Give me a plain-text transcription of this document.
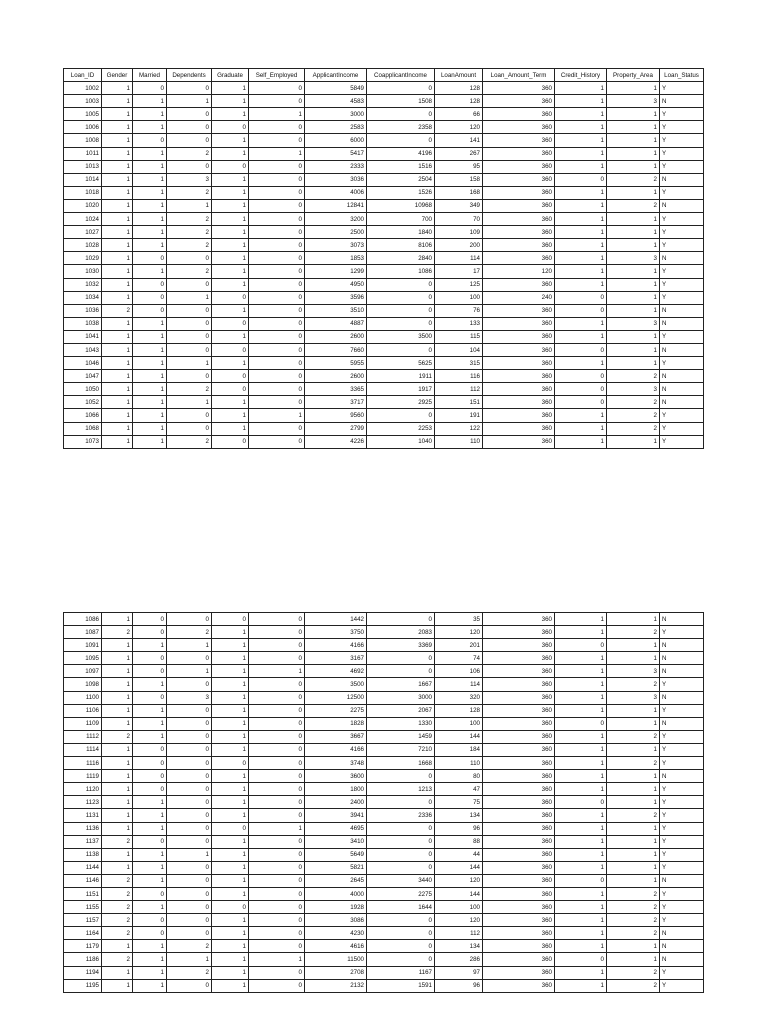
Loan_ID	Gender	Married	Dependents	Graduate	Self_Employed	ApplicantIncome	CoapplicantIncome	LoanAmount	Loan_Amount_Term	Credit_History	Property_Area	Loan_Status
1002	1	0	0	1	0	5849	0	128	360	1	1	Y
1003	1	1	1	1	0	4583	1508	128	360	1	3	N
1005	1	1	0	1	1	3000	0	66	360	1	1	Y
1006	1	1	0	0	0	2583	2358	120	360	1	1	Y
1008	1	0	0	1	0	6000	0	141	360	1	1	Y
1011	1	1	2	1	1	5417	4196	267	360	1	1	Y
1013	1	1	0	0	0	2333	1516	95	360	1	1	Y
1014	1	1	3	1	0	3036	2504	158	360	0	2	N
1018	1	1	2	1	0	4006	1526	168	360	1	1	Y
1020	1	1	1	1	0	12841	10968	349	360	1	2	N
1024	1	1	2	1	0	3200	700	70	360	1	1	Y
1027	1	1	2	1	0	2500	1840	109	360	1	1	Y
1028	1	1	2	1	0	3073	8106	200	360	1	1	Y
1029	1	0	0	1	0	1853	2840	114	360	1	3	N
1030	1	1	2	1	0	1299	1086	17	120	1	1	Y
1032	1	0	0	1	0	4950	0	125	360	1	1	Y
1034	1	0	1	0	0	3596	0	100	240	0	1	Y
1036	2	0	0	1	0	3510	0	76	360	0	1	N
1038	1	1	0	0	0	4887	0	133	360	1	3	N
1041	1	1	0	1	0	2600	3500	115	360	1	1	Y
1043	1	1	0	0	0	7660	0	104	360	0	1	N
1046	1	1	1	1	0	5955	5625	315	360	1	1	Y
1047	1	1	0	0	0	2600	1911	116	360	0	2	N
1050	1	1	2	0	0	3365	1917	112	360	0	3	N
1052	1	1	1	1	0	3717	2925	151	360	0	2	N
1066	1	1	0	1	1	9560	0	191	360	1	2	Y
1068	1	1	0	1	0	2799	2253	122	360	1	2	Y
1073	1	1	2	0	0	4226	1040	110	360	1	1	Y
1086	1	0	0	0	0	1442	0	35	360	1	1	N
1087	2	0	2	1	0	3750	2083	120	360	1	2	Y
1091	1	1	1	1	0	4166	3369	201	360	0	1	N
1095	1	0	0	1	0	3167	0	74	360	1	1	N
1097	1	0	1	1	1	4692	0	106	360	1	3	N
1098	1	1	0	1	0	3500	1667	114	360	1	2	Y
1100	1	0	3	1	0	12500	3000	320	360	1	3	N
1106	1	1	0	1	0	2275	2067	128	360	1	1	Y
1109	1	1	0	1	0	1828	1330	100	360	0	1	N
1112	2	1	0	1	0	3667	1459	144	360	1	2	Y
1114	1	0	0	1	0	4166	7210	184	360	1	1	Y
1116	1	0	0	0	0	3748	1668	110	360	1	2	Y
1119	1	0	0	1	0	3600	0	80	360	1	1	N
1120	1	0	0	1	0	1800	1213	47	360	1	1	Y
1123	1	1	0	1	0	2400	0	75	360	0	1	Y
1131	1	1	0	1	0	3941	2336	134	360	1	2	Y
1136	1	1	0	0	1	4695	0	96	360	1	1	Y
1137	2	0	0	1	0	3410	0	88	360	1	1	Y
1138	1	1	1	1	0	5649	0	44	360	1	1	Y
1144	1	1	0	1	0	5821	0	144	360	1	1	Y
1146	2	1	0	1	0	2645	3440	120	360	0	1	N
1151	2	0	0	1	0	4000	2275	144	360	1	2	Y
1155	2	1	0	0	0	1928	1644	100	360	1	2	Y
1157	2	0	0	1	0	3086	0	120	360	1	2	Y
1164	2	0	0	1	0	4230	0	112	360	1	2	N
1179	1	1	2	1	0	4616	0	134	360	1	1	N
1186	2	1	1	1	1	11500	0	286	360	0	1	N
1194	1	1	2	1	0	2708	1167	97	360	1	2	Y
1195	1	1	0	1	0	2132	1591	96	360	1	2	Y
